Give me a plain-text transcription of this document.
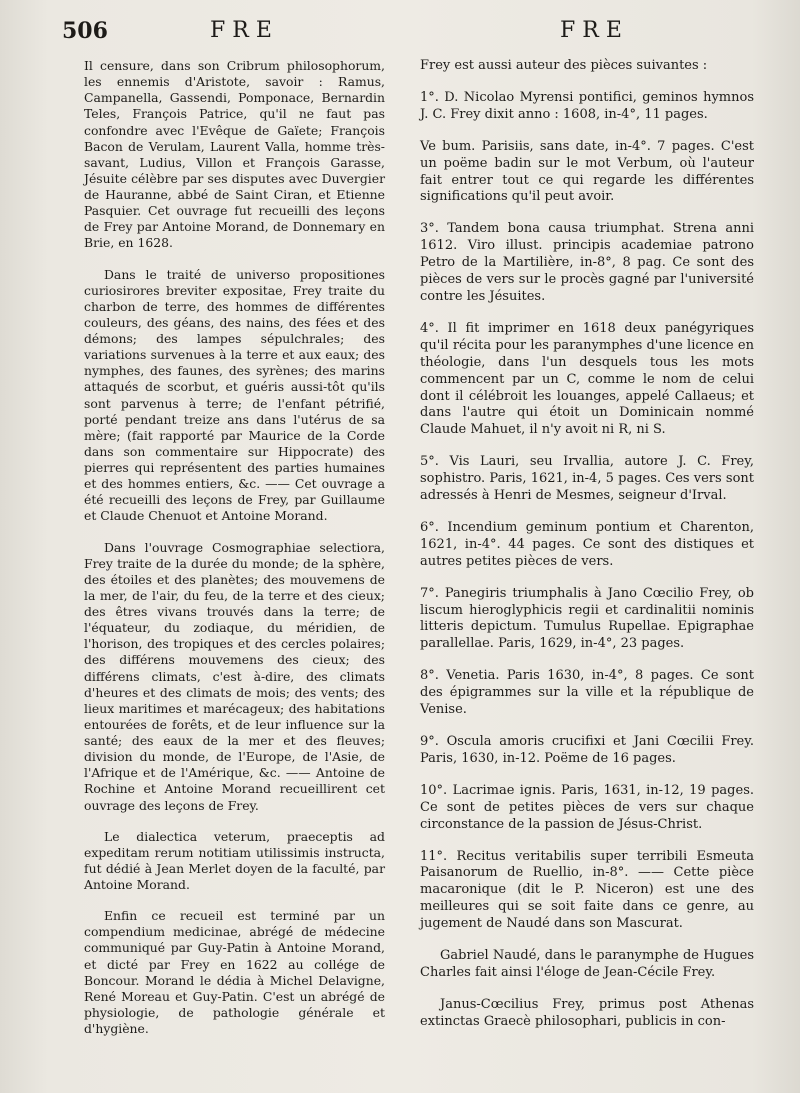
506	FRE	FRE

Il censure, dans son Cribrum philosophorum, les ennemis d'Aristote, savoir : Ramus, Campanella, Gassendi, Pomponace, Bernardin Teles, François Patrice, qu'il ne faut pas confondre avec l'Evêque de Gaïete; François Bacon de Verulam, Laurent Valla, homme très-savant, Ludius, Villon et François Garasse, Jésuite célèbre par ses disputes avec Duvergier de Hauranne, abbé de Saint Ciran, et Etienne Pasquier. Cet ouvrage fut recueilli des leçons de Frey par Antoine Morand, de Donnemary en Brie, en 1628.

Dans le traité de universo propositiones curiosirores breviter expositae, Frey traite du charbon de terre, des hommes de différentes couleurs, des géans, des nains, des fées et des démons; des lampes sépulchrales; des variations survenues à la terre et aux eaux; des nymphes, des faunes, des syrènes; des marins attaqués de scorbut, et guéris aussi-tôt qu'ils sont parvenus à terre; de l'enfant pétrifié, porté pendant treize ans dans l'utérus de sa mère; (fait rapporté par Maurice de la Corde dans son commentaire sur Hippocrate) des pierres qui représentent des parties humaines et des hommes entiers, &c. —— Cet ouvrage a été recueilli des leçons de Frey, par Guillaume et Claude Chenuot et Antoine Morand.

Dans l'ouvrage Cosmographiae selectiora, Frey traite de la durée du monde; de la sphère, des étoiles et des planètes; des mouvemens de la mer, de l'air, du feu, de la terre et des cieux; des êtres vivans trouvés dans la terre; de l'équateur, du zodiaque, du méridien, de l'horison, des tropiques et des cercles polaires; des différens mouvemens des cieux; des différens climats, c'est à-dire, des climats d'heures et des climats de mois; des vents; des lieux maritimes et marécageux; des habitations entourées de forêts, et de leur influence sur la santé; des eaux de la mer et des fleuves; division du monde, de l'Europe, de l'Asie, de l'Afrique et de l'Amérique, &c. —— Antoine de Rochine et Antoine Morand recueillirent cet ouvrage des leçons de Frey.

Le dialectica veterum, praeceptis ad expeditam rerum notitiam utilissimis instructa, fut dédié à Jean Merlet doyen de la faculté, par Antoine Morand.

Enfin ce recueil est terminé par un compendium medicinae, abrégé de médecine communiqué par Guy-Patin à Antoine Morand, et dicté par Frey en 1622 au collége de Boncour. Morand le dédia à Michel Delavigne, René Moreau et Guy-Patin. C'est un abrégé de physiologie, de pathologie générale et d'hygiène.

Frey est aussi auteur des pièces suivantes :

1°. D. Nicolao Myrensi pontifici, geminos hymnos J. C. Frey dixit anno : 1608, in-4°, 11 pages.

Ve bum. Parisiis, sans date, in-4°. 7 pages. C'est un poëme badin sur le mot Verbum, où l'auteur fait entrer tout ce qui regarde les différentes significations qu'il peut avoir.

3°. Tandem bona causa triumphat. Strena anni 1612. Viro illust. principis academiae patrono Petro de la Martilière, in-8°, 8 pag. Ce sont des pièces de vers sur le procès gagné par l'université contre les Jésuites.

4°. Il fit imprimer en 1618 deux panégyriques qu'il récita pour les paranymphes d'une licence en théologie, dans l'un desquels tous les mots commencent par un C, comme le nom de celui dont il célébroit les louanges, appelé Callaeus; et dans l'autre qui étoit un Dominicain nommé Claude Mahuet, il n'y avoit ni R, ni S.

5°. Vis Lauri, seu Irvallia, autore J. C. Frey, sophistro. Paris, 1621, in-4, 5 pages. Ces vers sont adressés à Henri de Mesmes, seigneur d'Irval.

6°. Incendium geminum pontium et Charenton, 1621, in-4°. 44 pages. Ce sont des distiques et autres petites pièces de vers.

7°. Panegiris triumphalis à Jano Cœcilio Frey, ob liscum hieroglyphicis regii et cardinalitii nominis litteris depictum. Tumulus Rupellae. Epigraphae parallellae. Paris, 1629, in-4°, 23 pages.

8°. Venetia. Paris 1630, in-4°, 8 pages. Ce sont des épigrammes sur la ville et la république de Venise.

9°. Oscula amoris crucifixi et Jani Cœcilii Frey. Paris, 1630, in-12. Poëme de 16 pages.

10°. Lacrimae ignis. Paris, 1631, in-12, 19 pages. Ce sont de petites pièces de vers sur chaque circonstance de la passion de Jésus-Christ.

11°. Recitus veritabilis super terribili Esmeuta Paisanorum de Ruellio, in-8°. —— Cette pièce macaronique (dit le P. Niceron) est une des meilleures qui se soit faite dans ce genre, au jugement de Naudé dans son Mascurat.

Gabriel Naudé, dans le paranymphe de Hugues Charles fait ainsi l'éloge de Jean-Cécile Frey.

Janus-Cœcilius Frey, primus post Athenas extinctas Graecè philosophari, publicis in con-
